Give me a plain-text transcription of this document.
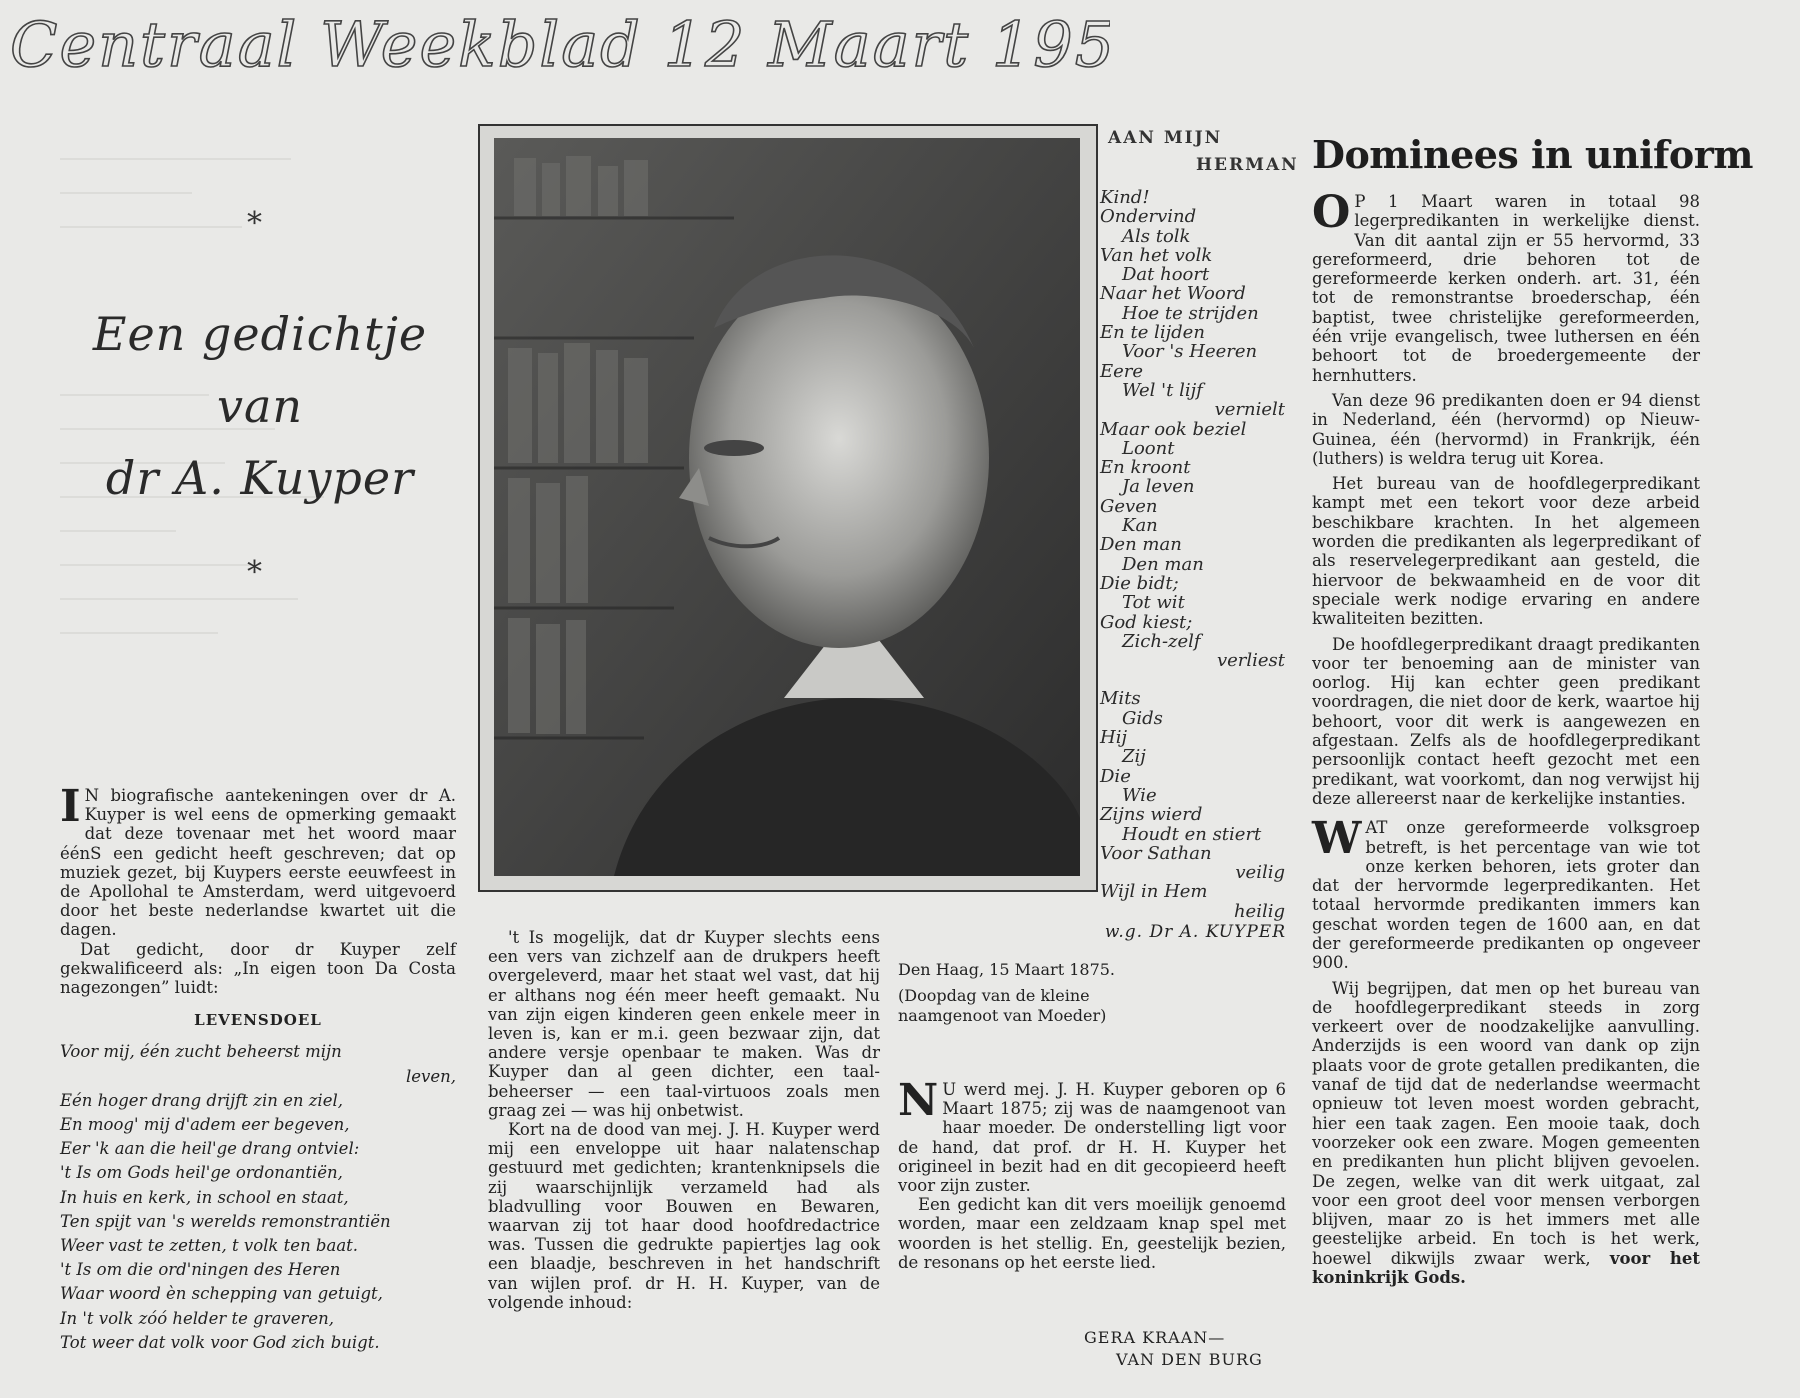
Centraal Weekblad 12 Maart 1955
*
Een gedichtje
van
dr A. Kuyper
*
AAN MIJN
HERMAN
Kind!
Ondervind
Als tolk
Van het volk
Dat hoort
Naar het Woord
Hoe te strijden
En te lijden
Voor 's Heeren
Eere
Wel 't lijf
vernielt
Maar ook beziel
Loont
En kroont
Ja leven
Geven
Kan
Den man
Den man
Die bidt;
Tot wit
God kiest;
Zich-zelf
verliest
Mits
Gids
Hij
Zij
Die
Wie
Zijns wierd
Houdt en stiert
Voor Sathan
veilig
Wijl in Hem
heilig
w.g. Dr A. KUYPER
Den Haag, 15 Maart 1875.
(Doopdag van de kleine naamgenoot van Moeder)

I N biografische aantekeningen over dr A. Kuyper is wel eens de opmerking gemaakt dat deze tovenaar met het woord maar éénS een gedicht heeft geschreven; dat op muziek gezet, bij Kuypers eerste eeuwfeest in de Apollohal te Amsterdam, werd uitgevoerd door het beste nederlandse kwartet uit die dagen.

Dat gedicht, door dr Kuyper zelf gekwalificeerd als: „In eigen toon Da Costa nagezongen” luidt:

LEVENSDOEL
Voor mij, één zucht beheerst mijn
leven,
Eén hoger drang drijft zin en ziel,
En moog' mij d'adem eer begeven,
Eer 'k aan die heil'ge drang ontviel:
't Is om Gods heil'ge ordonantiën,
In huis en kerk, in school en staat,
Ten spijt van 's werelds remonstrantiën
Weer vast te zetten, t volk ten baat.
't Is om die ord'ningen des Heren
Waar woord èn schepping van getuigt,
In 't volk zóó helder te graveren,
Tot weer dat volk voor God zich buigt.

't Is mogelijk, dat dr Kuyper slechts eens een vers van zichzelf aan de drukpers heeft overgeleverd, maar het staat wel vast, dat hij er althans nog één meer heeft gemaakt. Nu van zijn eigen kinderen geen enkele meer in leven is, kan er m.i. geen bezwaar zijn, dat andere versje openbaar te maken. Was dr Kuyper dan al geen dichter, een taal-beheerser — een taal-virtuoos zoals men graag zei — was hij onbetwist.

Kort na de dood van mej. J. H. Kuyper werd mij een enveloppe uit haar nalatenschap gestuurd met gedichten; krantenknipsels die zij waarschijnlijk verzameld had als bladvulling voor Bouwen en Bewaren, waarvan zij tot haar dood hoofdredactrice was. Tussen die gedrukte papiertjes lag ook een blaadje, beschreven in het handschrift van wijlen prof. dr H. H. Kuyper, van de volgende inhoud:

N U werd mej. J. H. Kuyper geboren op 6 Maart 1875; zij was de naamgenoot van haar moeder. De onderstelling ligt voor de hand, dat prof. dr H. H. Kuyper het origineel in bezit had en dit gecopieerd heeft voor zijn zuster.

Een gedicht kan dit vers moeilijk genoemd worden, maar een zeldzaam knap spel met woorden is het stellig. En, geestelijk bezien, de resonans op het eerste lied.

GERA KRAAN—
VAN DEN BURG
Dominees in uniform

O P 1 Maart waren in totaal 98 legerpredikanten in werkelijke dienst. Van dit aantal zijn er 55 hervormd, 33 gereformeerd, drie behoren tot de gereformeerde kerken onderh. art. 31, één tot de remonstrantse broederschap, één baptist, twee christelijke gereformeerden, één vrije evangelisch, twee luthersen en één behoort tot de broedergemeente der hernhutters.

Van deze 96 predikanten doen er 94 dienst in Nederland, één (hervormd) op Nieuw-Guinea, één (hervormd) in Frankrijk, één (luthers) is weldra terug uit Korea.

Het bureau van de hoofdlegerpredikant kampt met een tekort voor deze arbeid beschikbare krachten. In het algemeen worden die predikanten als legerpredikant of als reservelegerpredikant aan gesteld, die hiervoor de bekwaamheid en de voor dit speciale werk nodige ervaring en andere kwaliteiten bezitten.

De hoofdlegerpredikant draagt predikanten voor ter benoeming aan de minister van oorlog. Hij kan echter geen predikant voordragen, die niet door de kerk, waartoe hij behoort, voor dit werk is aangewezen en afgestaan. Zelfs als de hoofdlegerpredikant persoonlijk contact heeft gezocht met een predikant, wat voorkomt, dan nog verwijst hij deze allereerst naar de kerkelijke instanties.

WAT onze gereformeerde volksgroep betreft, is het percentage van wie tot onze kerken behoren, iets groter dan dat der hervormde legerpredikanten. Het totaal hervormde predikanten immers kan geschat worden tegen de 1600 aan, en dat der gereformeerde predikanten op ongeveer 900.

Wij begrijpen, dat men op het bureau van de hoofdlegerpredikant steeds in zorg verkeert over de noodzakelijke aanvulling. Anderzijds is een woord van dank op zijn plaats voor de grote getallen predikanten, die vanaf de tijd dat de nederlandse weermacht opnieuw tot leven moest worden gebracht, hier een taak zagen. Een mooie taak, doch voorzeker ook een zware. Mogen gemeenten en predikanten hun plicht blijven gevoelen. De zegen, welke van dit werk uitgaat, zal voor een groot deel voor mensen verborgen blijven, maar zo is het immers met alle geestelijke arbeid. En toch is het werk, hoewel dikwijls zwaar werk, voor het koninkrijk Gods.
